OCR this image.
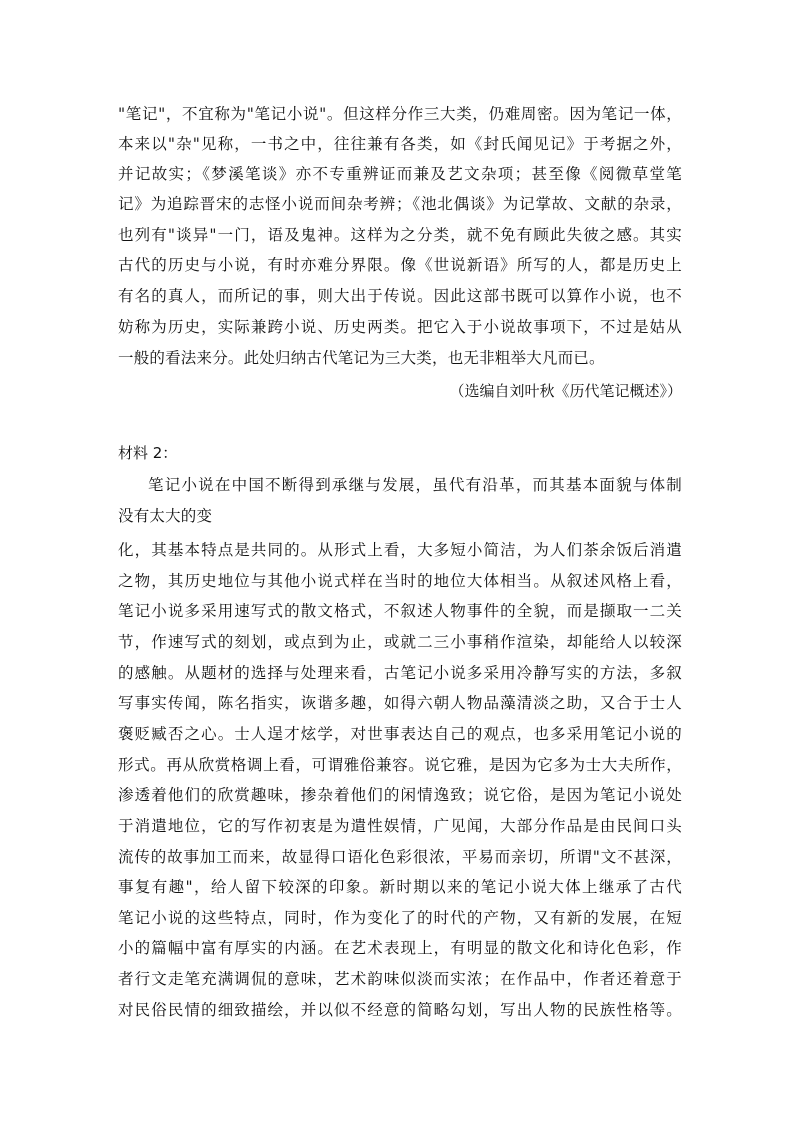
"笔记"，不宜称为"笔记小说"。但这样分作三大类，仍难周密。因为笔记一体，
本来以"杂"见称，一书之中，往往兼有各类，如《封氏闻见记》于考据之外，
并记故实；《梦溪笔谈》亦不专重辨证而兼及艺文杂项；甚至像《阅微草堂笔
记》为追踪晋宋的志怪小说而间杂考辨；《池北偶谈》为记掌故、文献的杂录，
也列有"谈异"一门，语及鬼神。这样为之分类，就不免有顾此失彼之感。其实
古代的历史与小说，有时亦难分界限。像《世说新语》所写的人，都是历史上
有名的真人，而所记的事，则大出于传说。因此这部书既可以算作小说，也不
妨称为历史，实际兼跨小说、历史两类。把它入于小说故事项下，不过是姑从
一般的看法来分。此处归纳古代笔记为三大类，也无非粗举大凡而已。
（选编自刘叶秋《历代笔记概述》）
材料 2：
笔记小说在中国不断得到承继与发展，虽代有沿革，而其基本面貌与体制
没有太大的变
化，其基本特点是共同的。从形式上看，大多短小简洁，为人们茶余饭后消遣
之物，其历史地位与其他小说式样在当时的地位大体相当。从叙述风格上看，
笔记小说多采用速写式的散文格式，不叙述人物事件的全貌，而是撷取一二关
节，作速写式的刻划，或点到为止，或就二三小事稍作渲染，却能给人以较深
的感触。从题材的选择与处理来看，古笔记小说多采用冷静写实的方法，多叙
写事实传闻，陈名指实，诙谐多趣，如得六朝人物品藻清淡之助，又合于士人
褒贬臧否之心。士人逞才炫学，对世事表达自己的观点，也多采用笔记小说的
形式。再从欣赏格调上看，可谓雅俗兼容。说它雅，是因为它多为士大夫所作，
渗透着他们的欣赏趣味，掺杂着他们的闲情逸致；说它俗，是因为笔记小说处
于消遣地位，它的写作初衷是为遣性娱情，广见闻，大部分作品是由民间口头
流传的故事加工而来，故显得口语化色彩很浓，平易而亲切，所谓"文不甚深，
事复有趣"，给人留下较深的印象。新时期以来的笔记小说大体上继承了古代
笔记小说的这些特点，同时，作为变化了的时代的产物，又有新的发展，在短
小的篇幅中富有厚实的内涵。在艺术表现上，有明显的散文化和诗化色彩，作
者行文走笔充满调侃的意味，艺术韵味似淡而实浓；在作品中，作者还着意于
对民俗民情的细致描绘，并以似不经意的简略勾划，写出人物的民族性格等。
